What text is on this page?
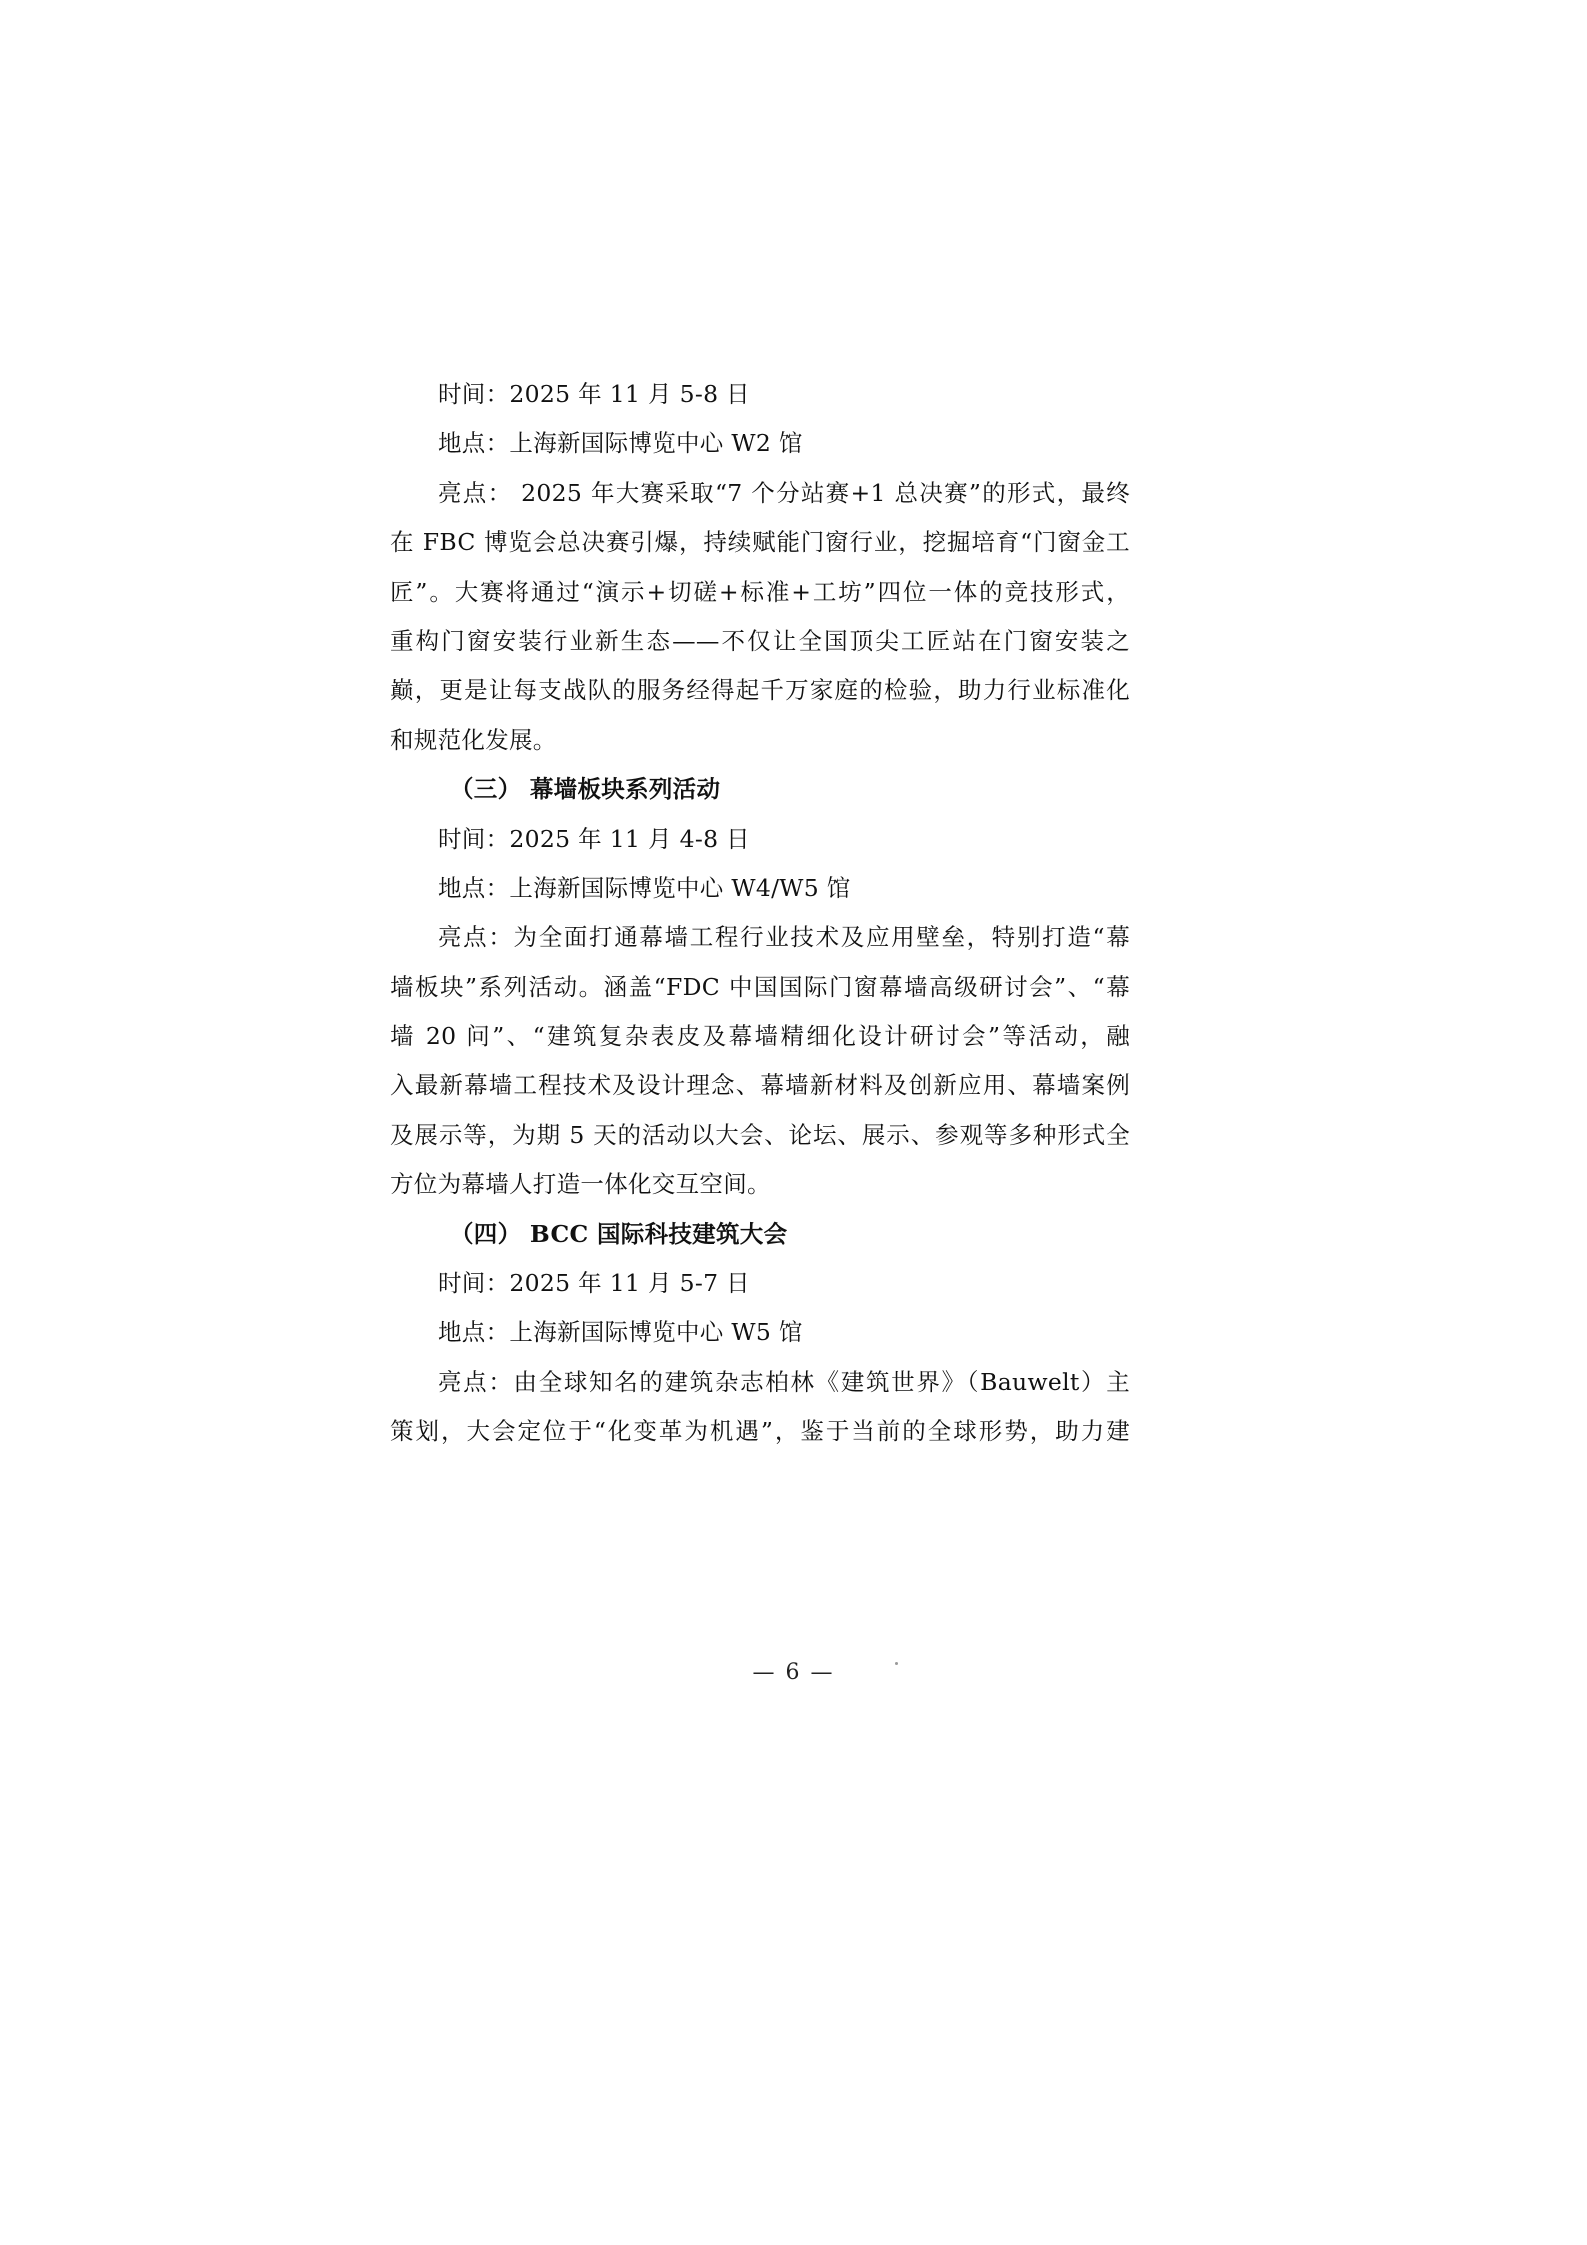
时间：2025 年 11 月 5-8 日
地点：上海新国际博览中心 W2 馆
亮点： 2025 年大赛采取“7 个分站赛+1 总决赛”的形式，最终
在 FBC 博览会总决赛引爆，持续赋能门窗行业，挖掘培育“门窗金工
匠”。大赛将通过“演示+切磋+标准+工坊”四位一体的竞技形式，
重构门窗安装行业新生态——不仅让全国顶尖工匠站在门窗安装之
巅，更是让每支战队的服务经得起千万家庭的检验，助力行业标准化
和规范化发展。
（三） 幕墙板块系列活动
时间：2025 年 11 月 4-8 日
地点：上海新国际博览中心 W4/W5 馆
亮点：为全面打通幕墙工程行业技术及应用壁垒，特别打造“幕
墙板块”系列活动。涵盖“FDC 中国国际门窗幕墙高级研讨会”、“幕
墙 20 问”、“建筑复杂表皮及幕墙精细化设计研讨会”等活动，融
入最新幕墙工程技术及设计理念、幕墙新材料及创新应用、幕墙案例
及展示等，为期 5 天的活动以大会、论坛、展示、参观等多种形式全
方位为幕墙人打造一体化交互空间。
（四） BCC 国际科技建筑大会
时间：2025 年 11 月 5-7 日
地点：上海新国际博览中心 W5 馆
亮点：由全球知名的建筑杂志柏林《建筑世界》（Bauwelt）主
策划，大会定位于“化变革为机遇”，鉴于当前的全球形势，助力建
— 6 —
